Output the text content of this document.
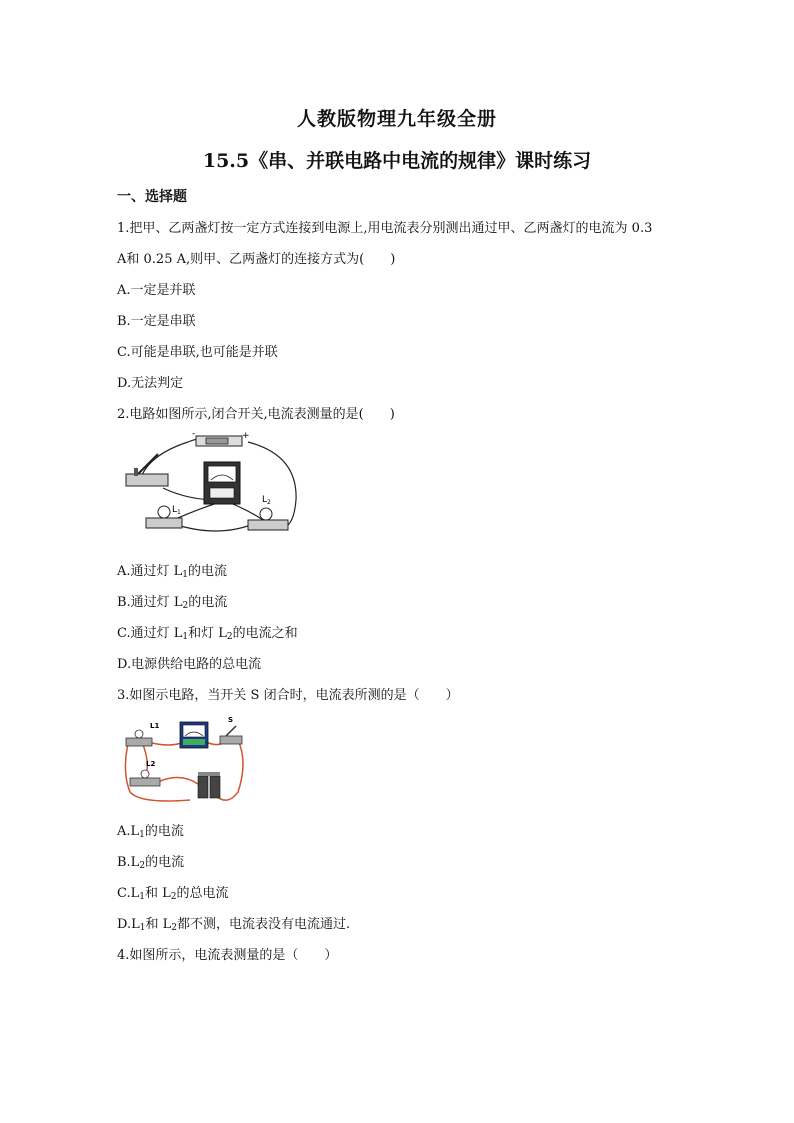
人教版物理九年级全册
15.5《串、并联电路中电流的规律》课时练习
一、选择题
1.把甲、乙两盏灯按一定方式连接到电源上,用电流表分别测出通过甲、乙两盏灯的电流为 0.3
A和 0.25 A,则甲、乙两盏灯的连接方式为(　　)
A.一定是并联
B.一定是串联
C.可能是串联,也可能是并联
D.无法判定
2.电路如图所示,闭合开关,电流表测量的是(　　)
-	+
$L_1$
$L_2$
A.通过灯 $L_1$的电流
B.通过灯 $L_2$的电流
C.通过灯 $L_1$和灯 $L_2$的电流之和
D.电源供给电路的总电流
3.如图示电路，当开关 S 闭合时，电流表所测的是（　　）
L1
S
L2
$A.L_1$的电流
$B.L_2$的电流
$C.L_1$和 $L_2$的总电流
$D.L_1$和 $L_2$都不测，电流表没有电流通过.
4.如图所示，电流表测量的是（　　）
